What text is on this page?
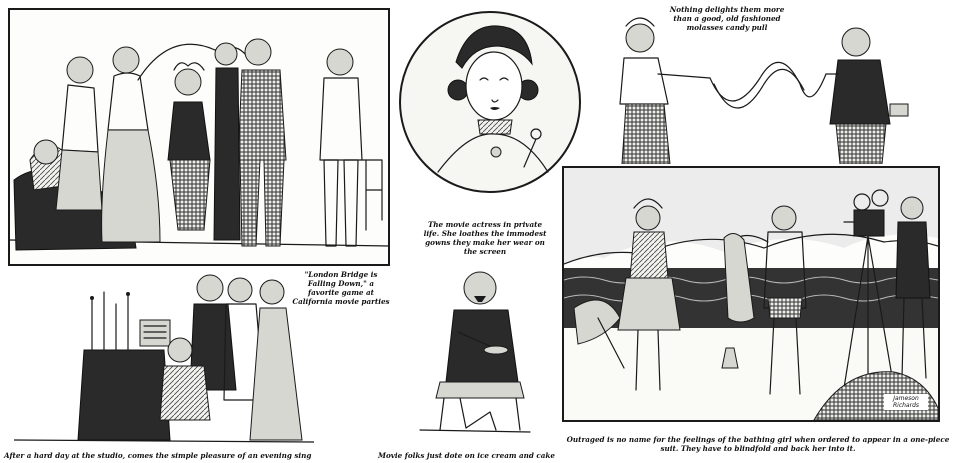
"London Bridge is Falling Down," a favorite game at California movie parties
The movie actress in private life. She loathes the immodest gowns they make her wear on the screen
Nothing delights them more than a good, old fashioned molasses candy pull
After a hard day at the studio, comes the simple pleasure of an evening sing	Movie folks just dote on ice cream and cake
Jameson Richards
Outraged is no name for the feelings of the bathing girl when ordered to appear in a one-piece suit. They have to blindfold and back her into it.
